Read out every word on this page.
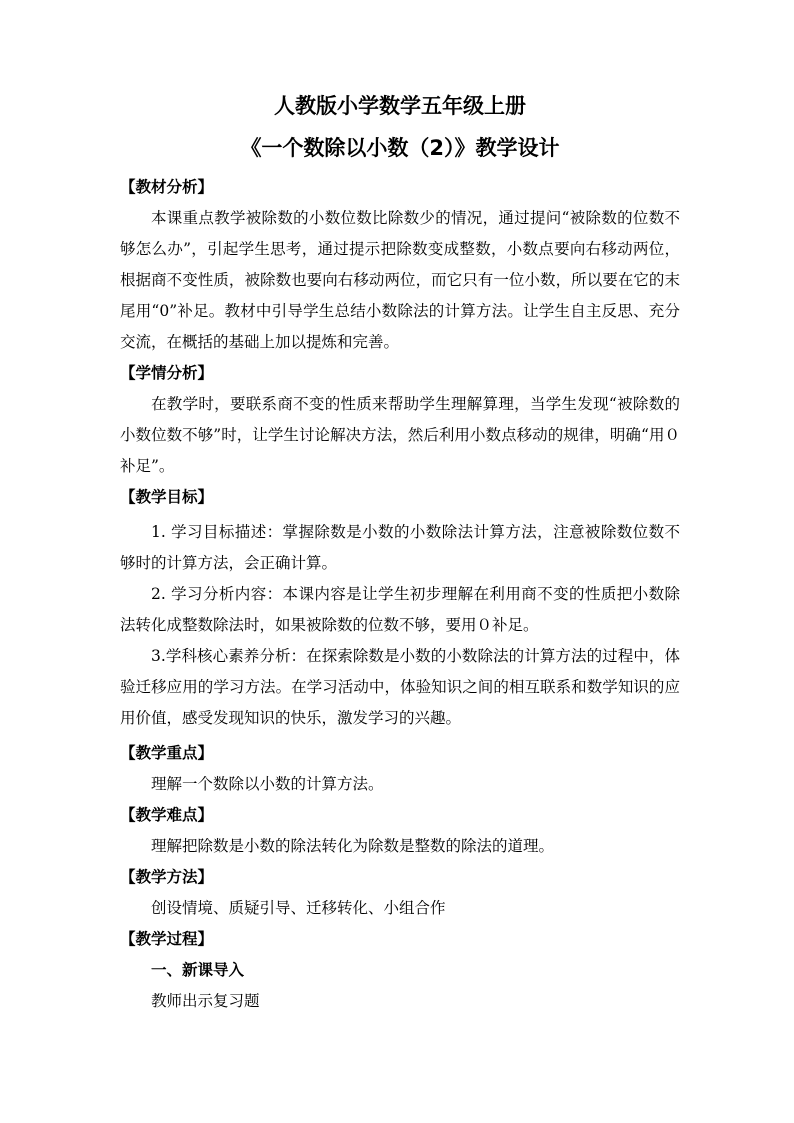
人教版小学数学五年级上册

《一个数除以小数（2）》教学设计

【教材分析】

本课重点教学被除数的小数位数比除数少的情况，通过提问“被除数的位数不够怎么办”，引起学生思考，通过提示把除数变成整数，小数点要向右移动两位，根据商不变性质，被除数也要向右移动两位，而它只有一位小数，所以要在它的末尾用“0”补足。教材中引导学生总结小数除法的计算方法。让学生自主反思、充分交流，在概括的基础上加以提炼和完善。

【学情分析】

在教学时，要联系商不变的性质来帮助学生理解算理，当学生发现“被除数的小数位数不够”时，让学生讨论解决方法，然后利用小数点移动的规律，明确“用０补足”。

【教学目标】

1. 学习目标描述：掌握除数是小数的小数除法计算方法，注意被除数位数不够时的计算方法，会正确计算。

2. 学习分析内容：本课内容是让学生初步理解在利用商不变的性质把小数除法转化成整数除法时，如果被除数的位数不够，要用０补足。

3.学科核心素养分析：在探索除数是小数的小数除法的计算方法的过程中，体验迁移应用的学习方法。在学习活动中，体验知识之间的相互联系和数学知识的应用价值，感受发现知识的快乐，激发学习的兴趣。

【教学重点】

理解一个数除以小数的计算方法。

【教学难点】

理解把除数是小数的除法转化为除数是整数的除法的道理。

【教学方法】

创设情境、质疑引导、迁移转化、小组合作

【教学过程】

一、新课导入

教师出示复习题
